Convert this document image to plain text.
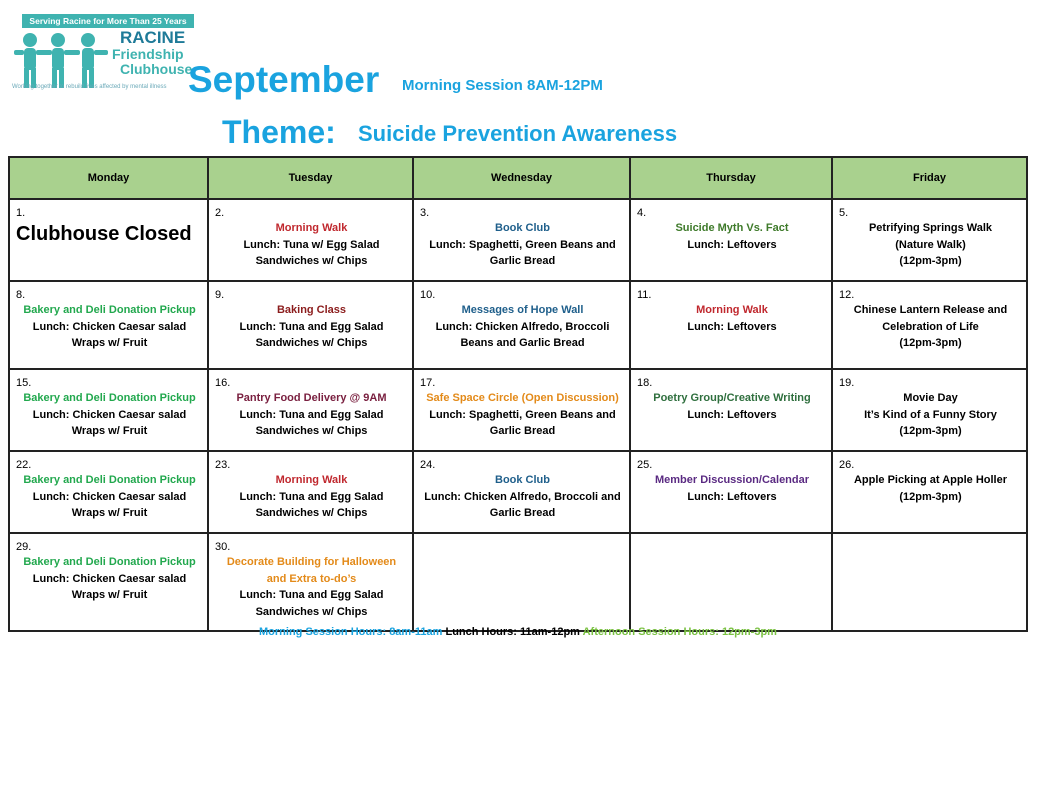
Serving Racine for More Than 25 Years
RACINE
Friendship
Clubhouse
Working together to rebuild lives affected by mental illness September Morning Session 8AM-12PM
Theme: Suicide Prevention Awareness
Monday	Tuesday	Wednesday	Thursday	Friday

1.
Clubhouse Closed	2.
Morning Walk
Lunch: Tuna w/ Egg Salad
Sandwiches w/ Chips	3.
Book Club
Lunch: Spaghetti, Green Beans and
Garlic Bread	4.
Suicide Myth Vs. Fact
Lunch: Leftovers	5.
Petrifying Springs Walk
(Nature Walk)
(12pm-3pm)

8.
Bakery and Deli Donation Pickup
Lunch: Chicken Caesar salad
Wraps w/ Fruit	9.
Baking Class
Lunch: Tuna and Egg Salad
Sandwiches w/ Chips	10.
Messages of Hope Wall
Lunch: Chicken Alfredo, Broccoli
Beans and Garlic Bread	11.
Morning Walk
Lunch: Leftovers	12.
Chinese Lantern Release and
Celebration of Life
(12pm-3pm)

15.
Bakery and Deli Donation Pickup
Lunch: Chicken Caesar salad
Wraps w/ Fruit	16.
Pantry Food Delivery @ 9AM
Lunch: Tuna and Egg Salad
Sandwiches w/ Chips	17.
Safe Space Circle (Open Discussion)
Lunch: Spaghetti, Green Beans and
Garlic Bread	18.
Poetry Group/Creative Writing
Lunch: Leftovers	19.
Movie Day
It’s Kind of a Funny Story
(12pm-3pm)

22.
Bakery and Deli Donation Pickup
Lunch: Chicken Caesar salad
Wraps w/ Fruit	23.
Morning Walk
Lunch: Tuna and Egg Salad
Sandwiches w/ Chips	24.
Book Club
Lunch: Chicken Alfredo, Broccoli and
Garlic Bread	25.
Member Discussion/Calendar
Lunch: Leftovers	26.
Apple Picking at Apple Holler
(12pm-3pm)

29.
Bakery and Deli Donation Pickup
Lunch: Chicken Caesar salad
Wraps w/ Fruit	30.
Decorate Building for Halloween
and Extra to-do’s
Lunch: Tuna and Egg Salad
Sandwiches w/ Chips			

Morning Session Hours: 8am-11am Lunch Hours: 11am-12pm Afternoon Session Hours: 12pm-3pm
